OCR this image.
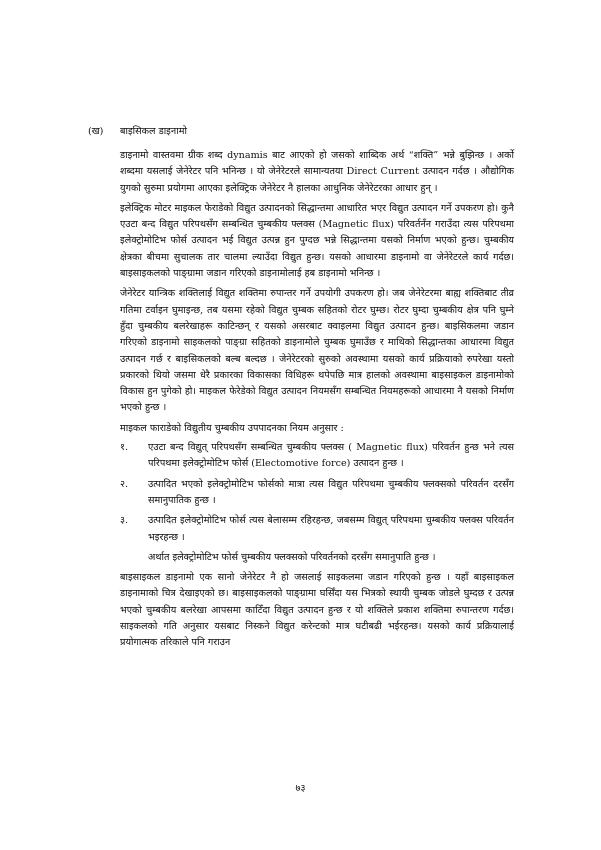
(ख) बाइसिकल डाइनामो

डाइनामो वास्तवमा ग्रीक शब्द dynamis बाट आएको हो जसको शाब्दिक अर्थ “शक्ति” भन्ने बुझिन्छ । अर्को शब्दमा यसलाई जेनेरेटर पनि भनिन्छ । यो जेनेरेटरले सामान्यतया Direct Current उत्पादन गर्दछ । औद्योगिक युगको सुरुमा प्रयोगमा आएका इलेक्ट्रिक जेनेरेटर नै हालका आधुनिक जेनेरेटरका आधार हुन् ।

इलेक्ट्रिक मोटर माइकल फेराडेको विद्युत उत्पादनको सिद्धान्तमा आधारित भएर विद्युत उत्पादन गर्ने उपकरण हो। कुनै एउटा बन्द विद्युत परिपथसँग सम्बन्धित चुम्बकीय फ्लक्स (Magnetic flux) परिवर्तनँन गराउँदा त्यस परिपथमा इलेक्ट्रोमोटिभ फोर्स उत्पादन भई विद्युत उत्पन्न हुन पुग्दछ भन्ने सिद्धान्तमा यसको निर्माण भएको हुन्छ। चुम्बकीय क्षेत्रका बीचमा सुचालक तार चालमा ल्याउँदा विद्युत हुन्छ। यसको आधारमा डाइनामो वा जेनेरेटरले कार्य गर्दछ। बाइसाइकलको पाङ्ग्रामा जडान गरिएको डाइनामोलाई हब डाइनामो भनिन्छ ।

जेनेरेटर यान्त्रिक शक्तिलाई विद्युत शक्तिमा रुपान्तर गर्ने उपयोगी उपकरण हो। जब जेनेरेटरमा बाह्य शक्तिबाट तीव्र गतिमा टर्वाइन घुमाइन्छ, तब यसमा रहेको विद्युत चुम्बक सहितको रोटर घुम्छ। रोटर घुम्दा चुम्बकीय क्षेत्र पनि घुम्ने हुँदा चुम्बकीय बलरेखाहरू काटिन्छन् र यसको असरबाट क्वाइलमा विद्युत उत्पादन हुन्छ। बाइसिकलमा जडान गरिएको डाइनामो साइकलको पाङ्ग्रा सहितको डाइनामोले चुम्बक घुमाउँछ र माथिको सिद्धान्तका आधारमा विद्युत उत्पादन गर्छ र बाइसिकलको बल्ब बल्दछ । जेनेरेटरको सुरुको अवस्थामा यसको कार्य प्रक्रियाको रुपरेखा यस्तो प्रकारको थियो जसमा धेरै प्रकारका विकासका विधिहरू थपेपछि मात्र हालको अवस्थामा बाइसाइकल डाइनामोको विकास हुन पुगेको हो। माइकल फेरेडेको विद्युत उत्पादन नियमसँग सम्बन्धित नियमहरूको आधारमा नै यसको निर्माण भएको हुन्छ ।

माइकल फाराडेको विद्युतीय चुम्बकीय उपपादनका नियम अनुसार :

१.	एउटा बन्द विद्युत् परिपथसँग सम्बन्धित चुम्बकीय फ्लक्स ( Magnetic flux) परिवर्तन हुन्छ भने त्यस परिपथमा इलेक्ट्रोमोटिभ फोर्स (Electomotive force) उत्पादन हुन्छ ।
२.	उत्पादित भएको इलेक्ट्रोमोटिभ फोर्सको मात्रा त्यस विद्युत परिपथमा चुम्बकीय फ्लक्सको परिवर्तन दरसँग समानुपातिक हुन्छ ।
३.	उत्पादित इलेक्ट्रोमोटिभ फोर्स त्यस बेलासम्म रहिरहन्छ, जबसम्म विद्युत् परिपथमा चुम्बकीय फ्लक्स परिवर्तन भइरहन्छ ।

अर्थात इलेक्ट्रोमोटिभ फोर्स चुम्बकीय फ्लक्सको परिवर्तनको दरसँग समानुपाति हुन्छ ।

बाइसाइकल डाइनामो एक सानो जेनेरेटर नै हो जसलाई साइकलमा जडान गरिएको हुन्छ । यहाँ बाइसाइकल डाइनामाको चित्र देखाइएको छ। बाइसाइकलको पाङ्ग्रामा घर्सिँदा यस भित्रको स्थायी चुम्बक जोडले घुम्दछ र उत्पन्न भएको चुम्बकीय बलरेखा आपसमा काटिँदा विद्युत उत्पादन हुन्छ र यो शक्तिले प्रकाश शक्तिमा रुपान्तरण गर्दछ। साइकलको गति अनुसार यसबाट निस्कने विद्युत करेन्टको मात्र घटीबढी भईरहन्छ। यसको कार्य प्रक्रियालाई प्रयोगात्मक तरिकाले पनि गराउन

७३
